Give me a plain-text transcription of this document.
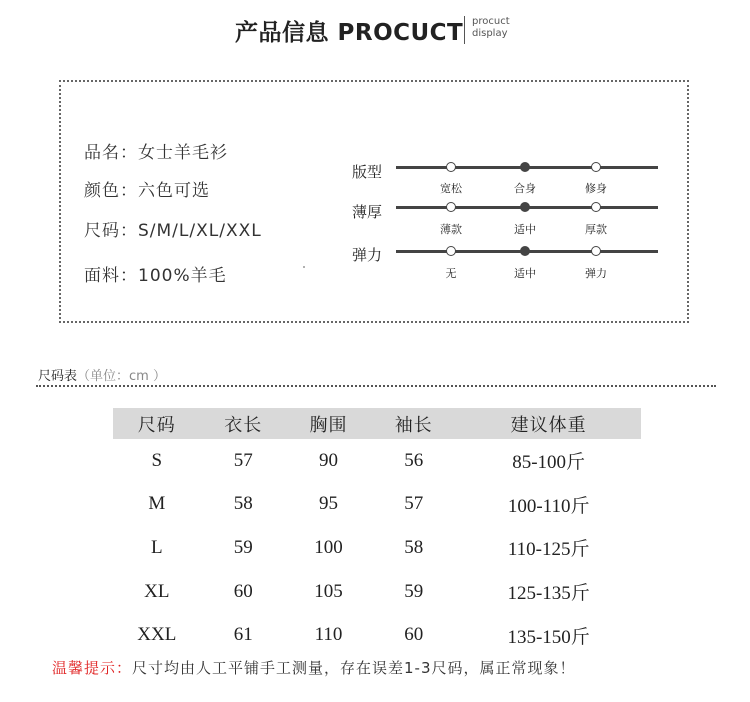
产品信息 PROCUCT procuct
display
品名：女士羊毛衫
颜色：六色可选
尺码：S/M/L/XL/XXL
面料：100%羊毛
版型
宽松	合身	修身
薄厚
薄款	适中	厚款
弹力
无	适中	弹力
尺码表（单位：cm ）
尺码	衣长	胸围	袖长	建议体重
S	57	90	56	85-100斤
M	58	95	57	100-110斤
L	59	100	58	110-125斤
XL	60	105	59	125-135斤
XXL	61	110	60	135-150斤
温馨提示：尺寸均由人工平铺手工测量，存在误差1-3尺码，属正常现象！
